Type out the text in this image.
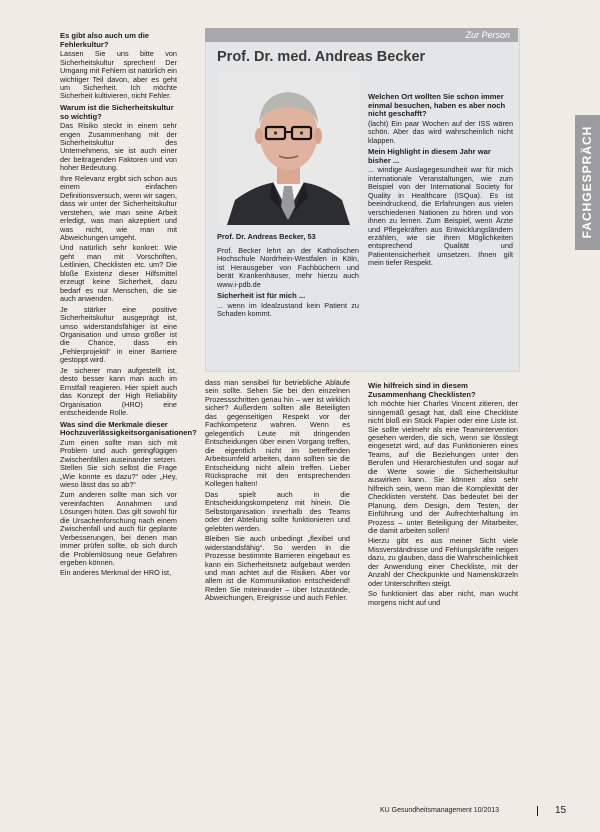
FACHGESPRÄCH
Es gibt also auch um die Fehlerkultur?

Lassen Sie uns bitte von Sicherheitskultur sprechen! Der Umgang mit Fehlern ist natürlich ein wichtiger Teil davon, aber es geht um Sicherheit. Ich möchte Sicherheit kultivieren, nicht Fehler.

Warum ist die Sicherheitskultur so wichtig?

Das Risiko steckt in einem sehr engen Zusammenhang mit der Sicherheitskultur des Unternehmens, sie ist auch einer der beitragenden Faktoren und von hoher Bedeutung.

Ihre Relevanz ergibt sich schon aus einem einfachen Definitionsversuch, wenn wir sagen, dass wir unter der Sicherheitskultur verstehen, wie man seine Arbeit erledigt, was man akzeptiert und was nicht, wie man mit Abweichungen umgeht.

Und natürlich sehr konkret: Wie geht man mit Vorschriften, Leitlinien, Checklisten etc. um? Die bloße Existenz dieser Hilfsmittel erzeugt keine Sicherheit, dazu bedarf es nur Menschen, die sie auch anwenden.

Je stärker eine positive Sicherheitskultur ausgeprägt ist, umso widerstandsfähiger ist eine Organisation und umso größer ist die Chance, dass ein „Fehlerprojektil“ in einer Barriere gestoppt wird.

Je sicherer man aufgestellt ist, desto besser kann man auch im Ernstfall reagieren. Hier spielt auch das Konzept der High Reliability Organisation (HRO) eine entscheidende Rolle.

Was sind die Merkmale dieser Hochzuverlässigkeitsorganisationen?

Zum einen sollte man sich mit Problem und auch geringfügigen Zwischenfällen auseinander setzen. Stellen Sie sich selbst die Frage „Wie konnte es dazu?“ oder „Hey, wieso lässt das so ab?“

Zum anderen sollte man sich vor vereinfachten Annahmen und Lösungen hüten. Das gilt sowohl für die Ursachenforschung nach einem Zwischenfall und auch für geplante Verbesserungen, bei denen man immer prüfen sollte, ob sich durch die Problemlösung neue Gefahren ergeben können.

Ein anderes Merkmal der HRO ist,

Zur Person
Prof. Dr. med. Andreas Becker
Prof. Dr. Andreas Becker, 53

Prof. Becker lehrt an der Katholischen Hochschule Nordrhein-Westfalen in Köln, ist Herausgeber von Fachbüchern und berät Krankenhäuser, mehr hierzu auch www.i-pdb.de

Sicherheit ist für mich ...

... wenn im Idealzustand kein Patient zu Schaden kommt.

Welchen Ort wollten Sie schon immer einmal besuchen, haben es aber noch nicht geschafft?

(lacht) Ein paar Wochen auf der ISS wären schön. Aber das wird wahrscheinlich nicht klappen.

Mein Highlight in diesem Jahr war bisher ...

... windige Auslagegesundheit war für mich internationale Veranstaltungen, wie zum Beispiel von der International Society for Quality in Healthcare (ISQua). Es ist beeindruckend, die Erfahrungen aus vielen verschiedenen Nationen zu hören und von ihnen zu lernen. Zum Beispiel, wenn Ärzte und Pflegekräften aus Entwicklungsländern erzählen, wie sie ihren Möglichkeiten entsprechend Qualität und Patientensicherheit umsetzen. Ihnen gilt mein tiefer Respekt.

dass man sensibel für betriebliche Abläufe sein sollte. Sehen Sie bei den einzelnen Prozessschritten genau hin – wer ist wirklich sicher? Außerdem sollten alle Beteiligten das gegenseitigen Respekt vor der Fachkompetenz wahren. Wenn es gelegentlich Leute mit dringenden Entscheidungen über einen Vorgang treffen, die eigentlich nicht im betreffenden Arbeitsumfeld arbeiten, dann sollten sie die Entscheidung nicht allein treffen. Lieber Rücksprache mit den entsprechenden Kollegen halten!

Das spielt auch in die Entscheidungskompetenz mit hinein. Die Selbstorganisation innerhalb des Teams oder der Abteilung sollte funktionieren und gelebten werden.

Bleiben Sie auch unbedingt „flexibel und widerstandsfähig“. So werden in die Prozesse bestimmte Barrieren eingebaut es kann ein Sicherheitsnetz aufgebaut werden und man achtet auf die Risiken. Aber vor allem ist die Kommunikation entscheidend! Reden Sie miteinander – über Istzustände, Abweichungen, Ereignisse und auch Fehler.

Wie hilfreich sind in diesem Zusammenhang Checklisten?

Ich möchte hier Charles Vincent zitieren, der sinngemäß gesagt hat, daß eine Checkliste nicht bloß ein Stück Papier oder eine Liste ist. Sie sollte vielmehr als eine Teamintervention gesehen werden, die sich, wenn sie lösslegt eingesetzt wird, auf das Funktionieren eines Teams, auf die Beziehungen unter den Berufen und Hierarchiestufen und sogar auf die Werte sowie die Sicherheitskultur auswirken kann. Sie können also sehr hilfreich sein, wenn man die Komplexität der Checklisten versteht. Das bedeutet bei der Planung, dem Design, dem Testen, der Einführung und der Aufrechterhaltung im Prozess – unter Beteiligung der Mitarbeiter, die damit arbeiten sollen!

Hierzu gibt es aus meiner Sicht viele Missverständnisse und Fehlungskräfte neigen dazu, zu glauben, dass die Wahrscheinlichkeit der Anwendung einer Checkliste, mit der Anzahl der Checkpunkte und Namenskürzeln oder Unterschriften steigt.

So funktioniert das aber nicht, man wucht morgens nicht auf und

KU Gesundheitsmanagement 10/2013	15
